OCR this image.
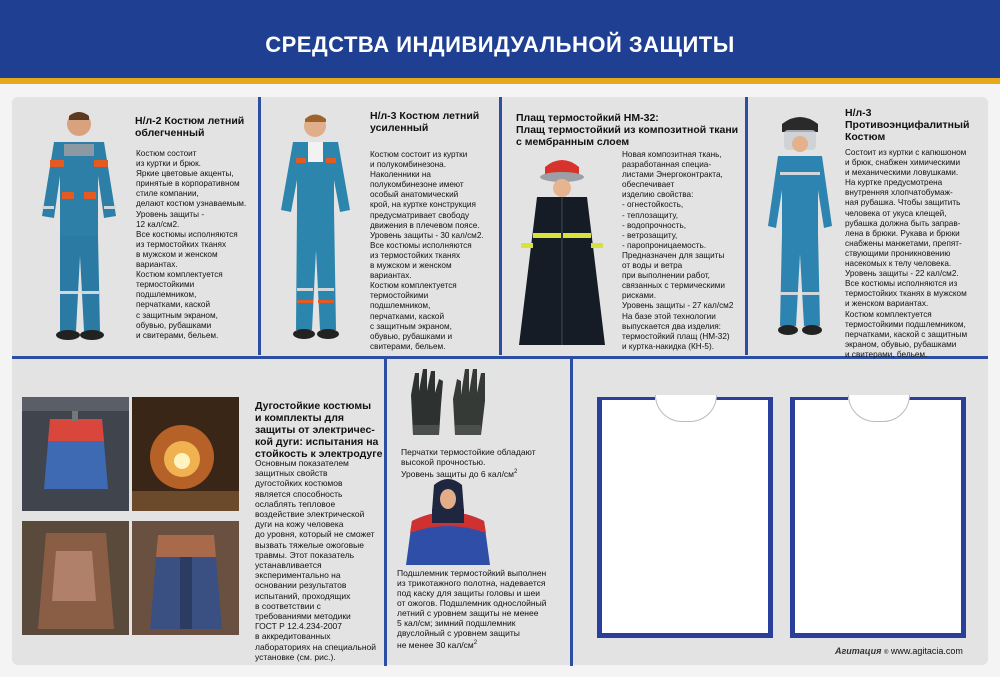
СРЕДСТВА ИНДИВИДУАЛЬНОЙ ЗАЩИТЫ
Н/л-2 Костюм летний
облегченный
Костюм состоит
из куртки и брюк.
Яркие цветовые акценты,
принятые в корпоративном
стиле компании,
делают костюм узнаваемым.
Уровень защиты -
12 кал/см2.
Все костюмы исполняются
из термостойких тканях
в мужском и женском
вариантах.
Костюм комплектуется
термостойкими
подшлемником,
перчатками, каской
с защитным экраном,
обувью, рубашками
и свитерами, бельем.
Н/л-3 Костюм летний
усиленный
Костюм состоит из куртки
и полукомбинезона.
Наколенники на
полукомбинезоне имеют
особый анатомический
крой, на куртке конструкция
предусматривает свободу
движения в плечевом поясе.
Уровень защиты - 30 кал/см2.
Все костюмы исполняются
из термостойких тканях
в мужском и женском
вариантах.
Костюм комплектуется
термостойкими
подшлемником,
перчатками, каской
с защитным экраном,
обувью, рубашками и
свитерами, бельем.
Плащ термостойкий НМ-32:
Плащ термостойкий из композитной ткани
с мембранным слоем
Новая композитная ткань,
разработанная специа-
листами Энергоконтракта,
обеспечивает
изделию свойства:
- огнестойкость,
- теплозащиту,
- водопрочность,
- ветрозащиту,
- паропроницаемость.
Предназначен для защиты
от воды и ветра
при выполнении работ,
связанных с термическими
рисками.
Уровень защиты - 27 кал/см2
На базе этой технологии
выпускается два изделия:
термостойкий плащ (НМ-32)
и куртка-накидка (КН-5).
Н/л-3
Противоэнцифалитный
Костюм
Состоит из куртки с капюшоном
и брюк, снабжен химическими
и механическими ловушками.
На куртке предусмотрена
внутренняя хлопчатобумаж-
ная рубашка. Чтобы защитить
человека от укуса клещей,
рубашка должна быть заправ-
лена в брюки. Рукава и брюки
снабжены манжетами, препят-
ствующими проникновению
насекомых к телу человека.
Уровень защиты - 22 кал/см2.
Все костюмы исполняются из
термостойких тканях в мужском
и женском вариантах.
Костюм комплектуется
термостойкими подшлемником,
перчатками, каской с защитным
экраном, обувью, рубашками
и свитерами, бельем.
Дугостойкие костюмы
и комплекты для
защиты от электричес-
кой дуги: испытания на
стойкость к электродуге
Основным показателем
защитных свойств
дугостойких костюмов
является способность
ослаблять тепловое
воздействие электрической
дуги на кожу человека
до уровня, который не сможет
вызвать тяжелые ожоговые
травмы. Этот показатель
устанавливается
экспериментально на
основании результатов
испытаний, проходящих
в соответствии с
требованиями методики
ГОСТ Р 12.4.234-2007
в аккредитованных
лабораториях на специальной
установке (см. рис.).
Перчатки термостойкие обладают
высокой прочностью.
Уровень защиты до 6 кал/$см^2$
Подшлемник термостойкий выполнен
из трикотажного полотна, надевается
под каску для защиты головы и шеи
от ожогов. Подшлемник однослойный
летний с уровнем защиты не менее
5 кал/см; зимний подшлемник
двуслойный с уровнем защиты
не менее 30 кал/$см^2$
Агитация ® www.agitacia.com
